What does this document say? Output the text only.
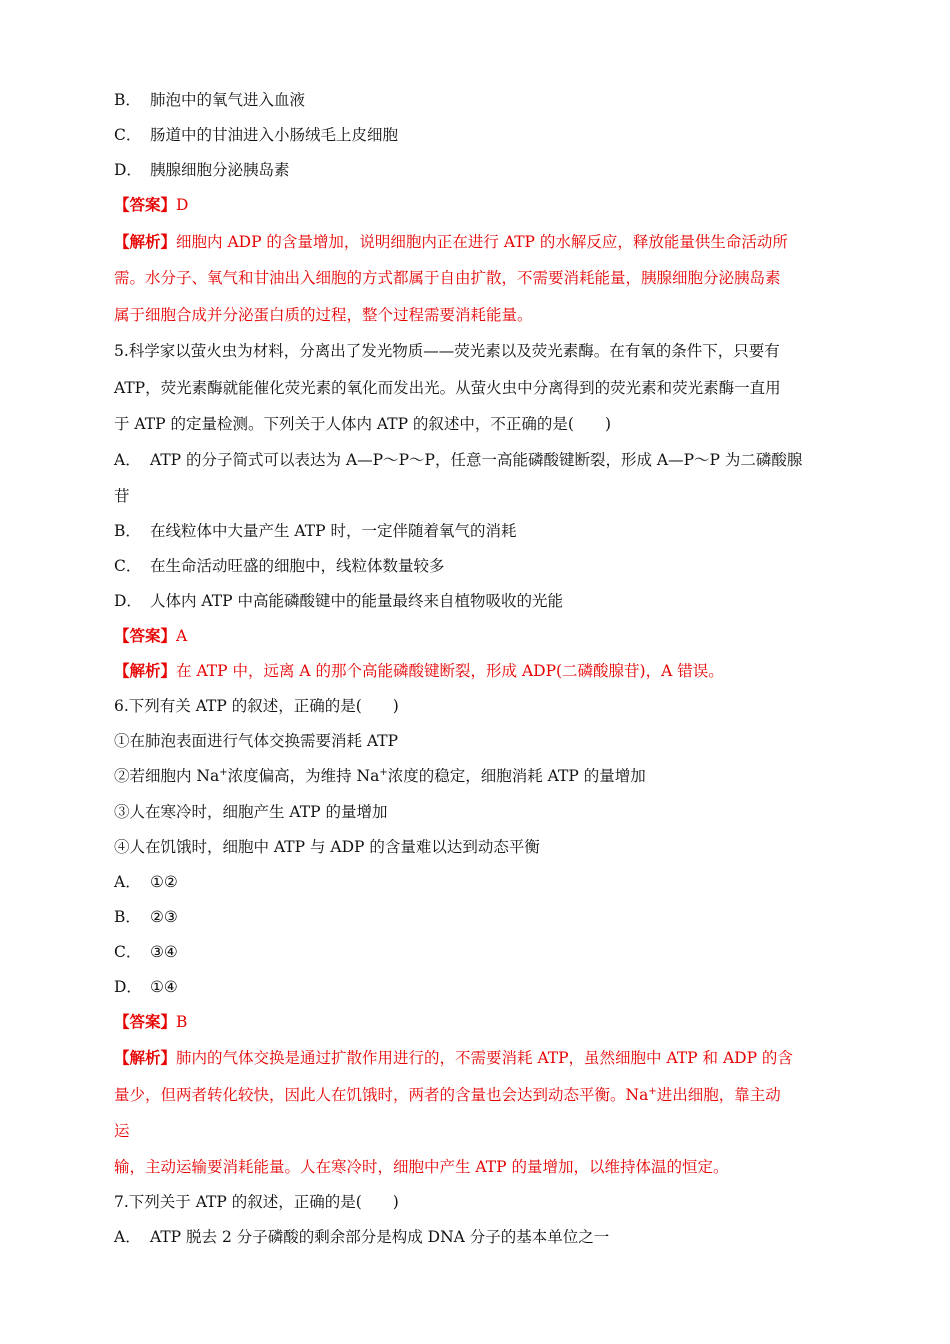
B． 肺泡中的氧气进入血液
C． 肠道中的甘油进入小肠绒毛上皮细胞
D． 胰腺细胞分泌胰岛素
【答案】D
【解析】细胞内 ADP 的含量增加，说明细胞内正在进行 ATP 的水解反应，释放能量供生命活动所
需。水分子、氧气和甘油出入细胞的方式都属于自由扩散，不需要消耗能量，胰腺细胞分泌胰岛素
属于细胞合成并分泌蛋白质的过程，整个过程需要消耗能量。
5.科学家以萤火虫为材料，分离出了发光物质——荧光素以及荧光素酶。在有氧的条件下，只要有
ATP，荧光素酶就能催化荧光素的氧化而发出光。从萤火虫中分离得到的荧光素和荧光素酶一直用
于 ATP 的定量检测。下列关于人体内 ATP 的叙述中，不正确的是(　　)
A． ATP 的分子简式可以表达为 A—P～P～P，任意一高能磷酸键断裂，形成 A—P～P 为二磷酸腺
苷
B． 在线粒体中大量产生 ATP 时，一定伴随着氧气的消耗
C． 在生命活动旺盛的细胞中，线粒体数量较多
D． 人体内 ATP 中高能磷酸键中的能量最终来自植物吸收的光能
【答案】A
【解析】在 ATP 中，远离 A 的那个高能磷酸键断裂，形成 ADP(二磷酸腺苷)，A 错误。
6.下列有关 ATP 的叙述，正确的是(　　)
①在肺泡表面进行气体交换需要消耗 ATP
②若细胞内 Na+浓度偏高，为维持 Na+浓度的稳定，细胞消耗 ATP 的量增加
③人在寒冷时，细胞产生 ATP 的量增加
④人在饥饿时，细胞中 ATP 与 ADP 的含量难以达到动态平衡
A． ①②
B． ②③
C． ③④
D． ①④
【答案】B
【解析】肺内的气体交换是通过扩散作用进行的，不需要消耗 ATP，虽然细胞中 ATP 和 ADP 的含
量少，但两者转化较快，因此人在饥饿时，两者的含量也会达到动态平衡。Na+进出细胞，靠主动
运
输，主动运输要消耗能量。人在寒冷时，细胞中产生 ATP 的量增加，以维持体温的恒定。
7.下列关于 ATP 的叙述，正确的是(　　)
A． ATP 脱去 2 分子磷酸的剩余部分是构成 DNA 分子的基本单位之一
